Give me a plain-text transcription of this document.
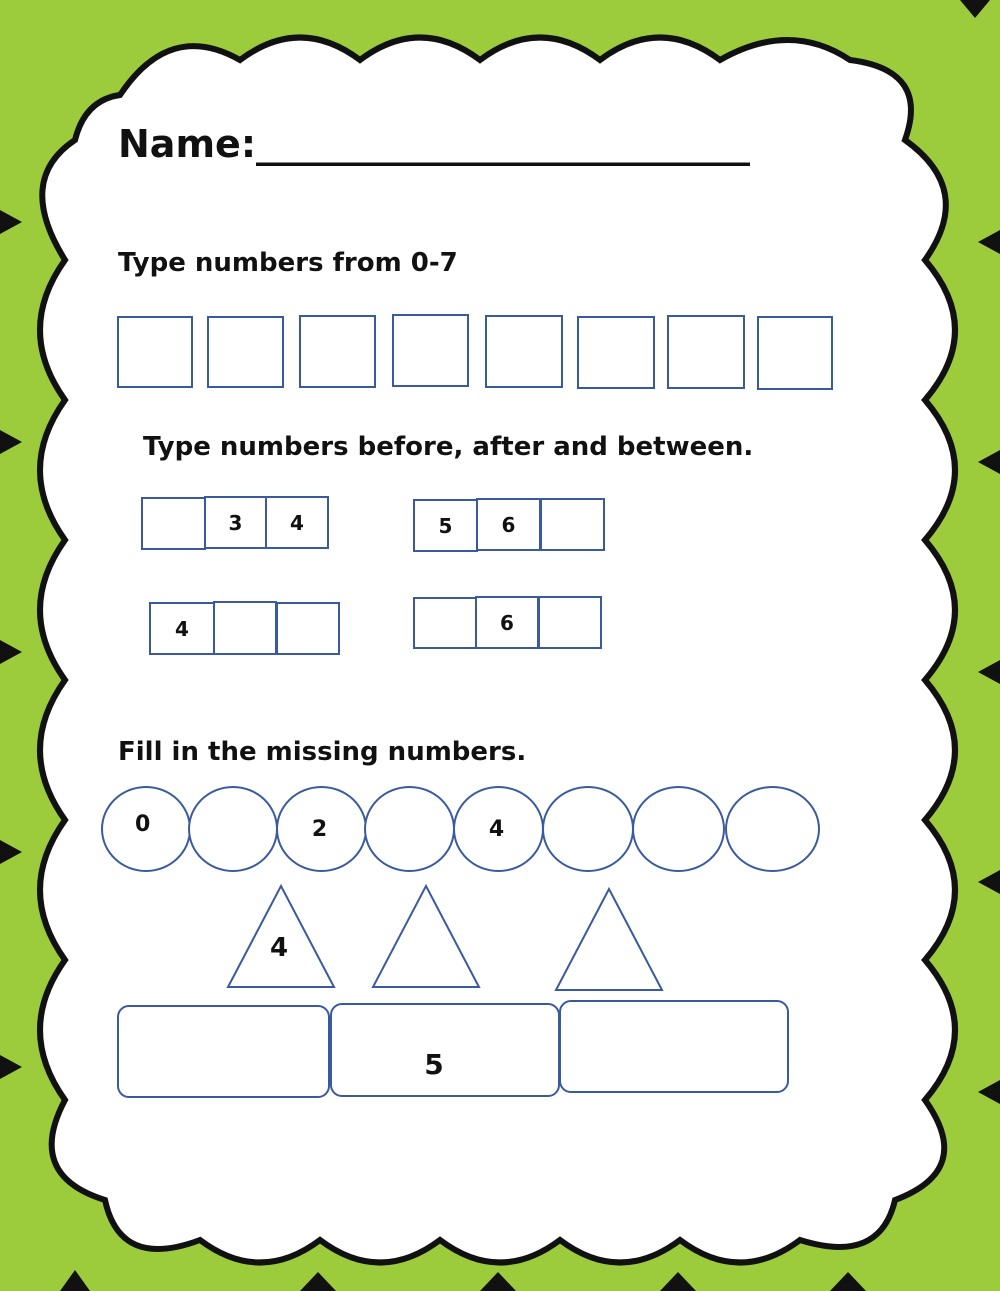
Name:__________________________
Type numbers from 0-7
Type numbers before, after and between.
3	4	5	6
4	6
Fill in the missing numbers.
0	2	4
4
5
